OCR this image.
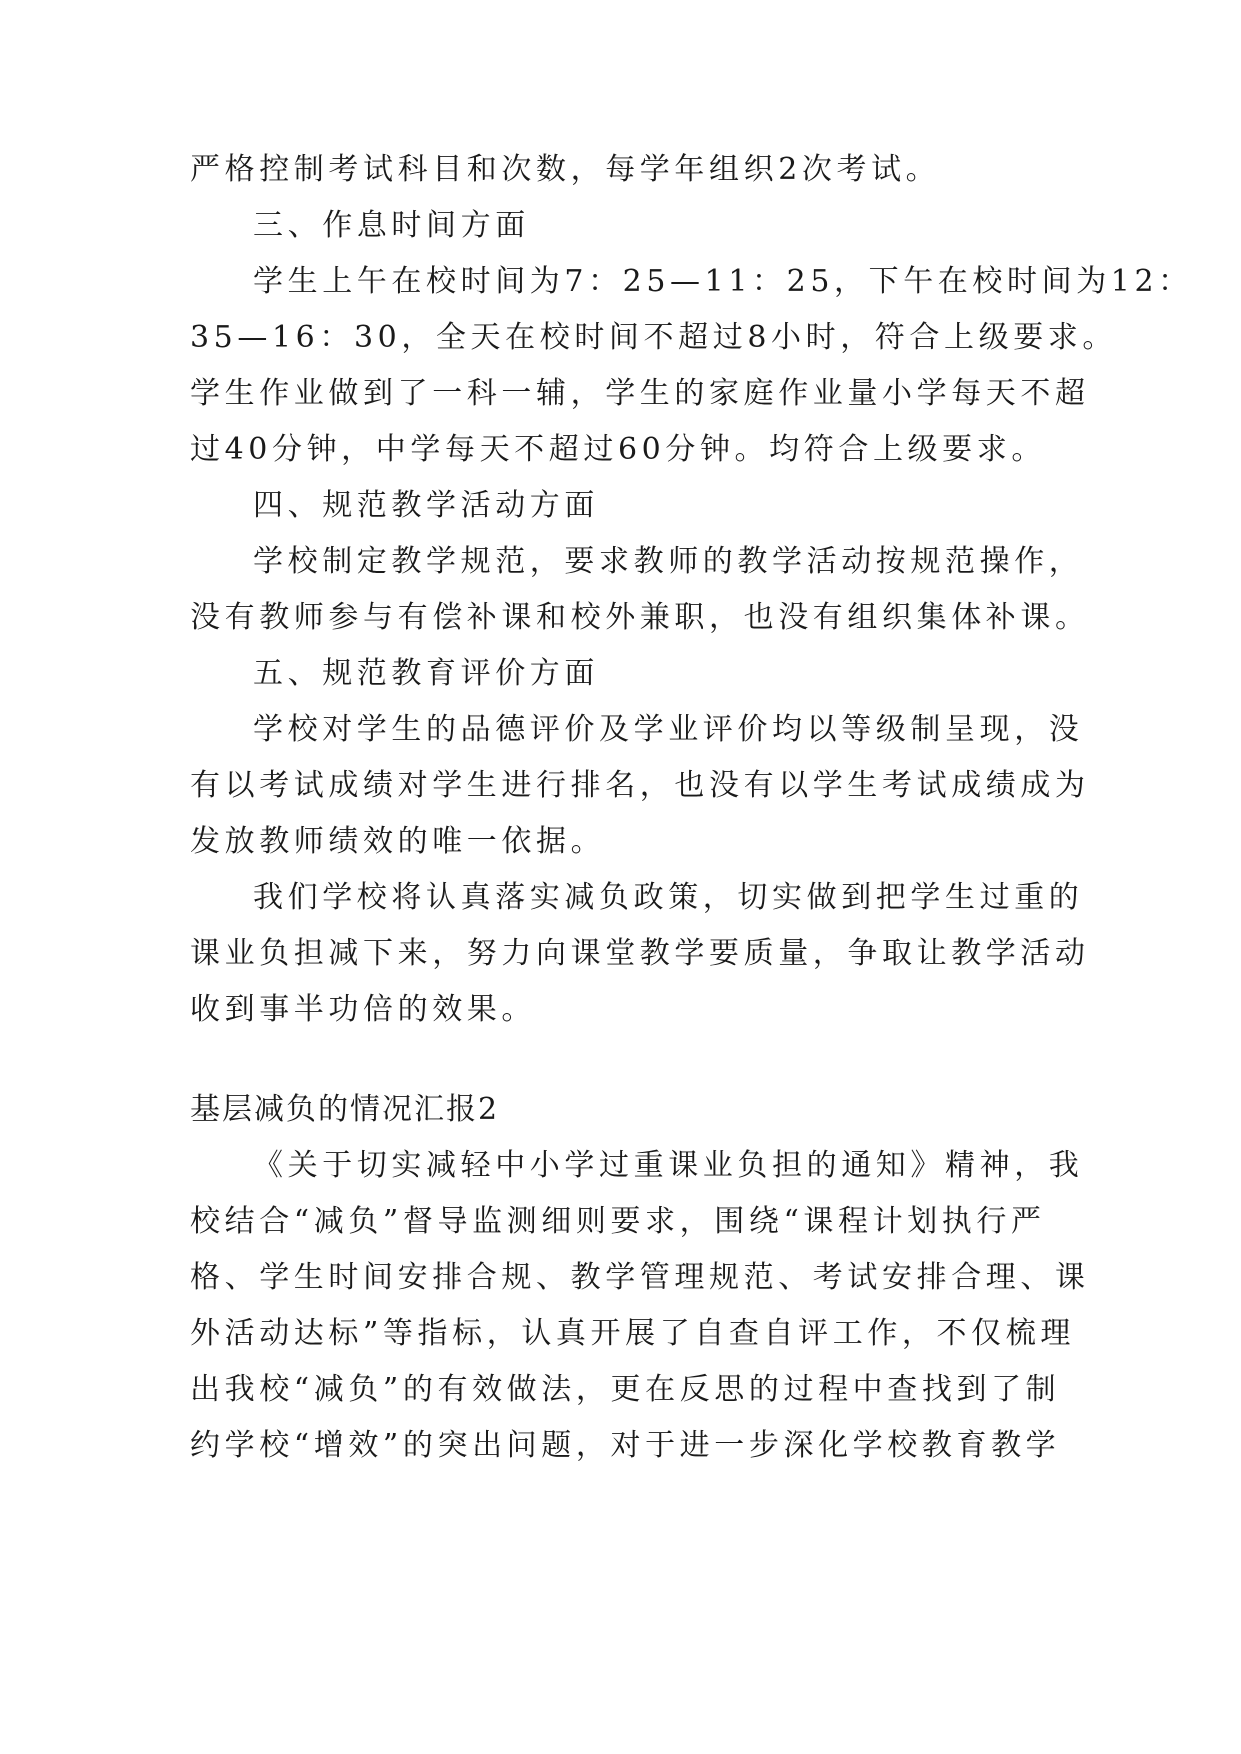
严格控制考试科目和次数，每学年组织2次考试。
三、作息时间方面
学生上午在校时间为7：25—11：25，下午在校时间为12：
35—16：30，全天在校时间不超过8小时，符合上级要求。
学生作业做到了一科一辅，学生的家庭作业量小学每天不超
过40分钟，中学每天不超过60分钟。均符合上级要求。
四、规范教学活动方面
学校制定教学规范，要求教师的教学活动按规范操作，
没有教师参与有偿补课和校外兼职，也没有组织集体补课。
五、规范教育评价方面
学校对学生的品德评价及学业评价均以等级制呈现，没
有以考试成绩对学生进行排名，也没有以学生考试成绩成为
发放教师绩效的唯一依据。
我们学校将认真落实减负政策，切实做到把学生过重的
课业负担减下来，努力向课堂教学要质量，争取让教学活动
收到事半功倍的效果。
基层减负的情况汇报2
《关于切实减轻中小学过重课业负担的通知》精神，我
校结合“减负”督导监测细则要求，围绕“课程计划执行严
格、学生时间安排合规、教学管理规范、考试安排合理、课
外活动达标”等指标，认真开展了自查自评工作，不仅梳理
出我校“减负”的有效做法，更在反思的过程中查找到了制
约学校“增效”的突出问题，对于进一步深化学校教育教学
